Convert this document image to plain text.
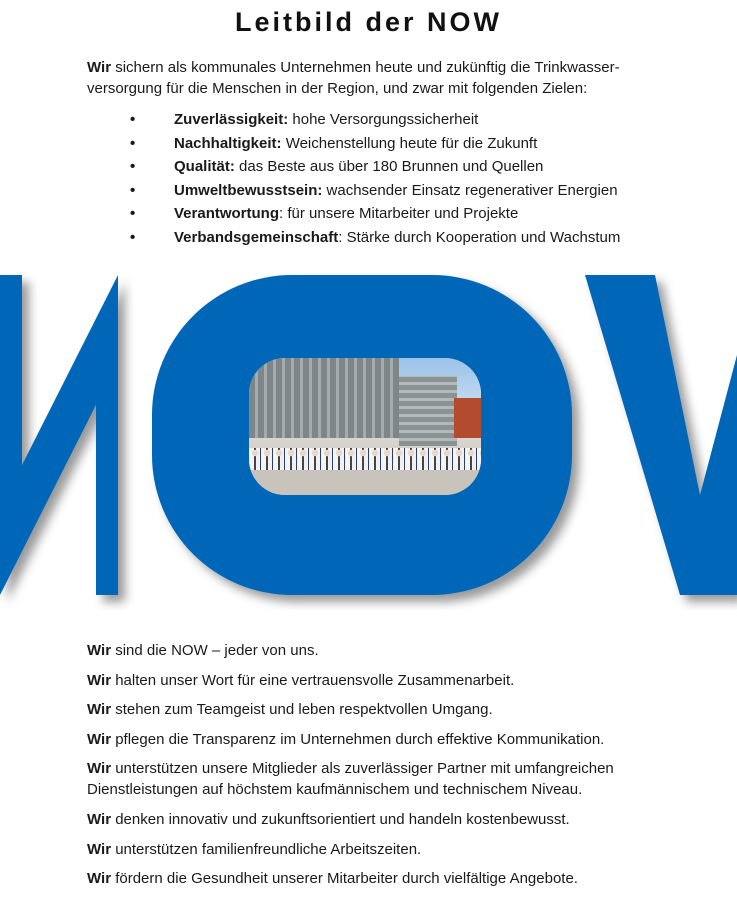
Leitbild der NOW

Wir sichern als kommunales Unternehmen heute und zukünftig die Trinkwasser-
versorgung für die Menschen in der Region, und zwar mit folgenden Zielen:

•	Zuverlässigkeit: hohe Versorgungssicherheit
•	Nachhaltigkeit: Weichenstellung heute für die Zukunft
•	Qualität: das Beste aus über 180 Brunnen und Quellen
•	Umweltbewusstsein: wachsender Einsatz regenerativer Energien
•	Verantwortung: für unsere Mitarbeiter und Projekte
•	Verbandsgemeinschaft: Stärke durch Kooperation und Wachstum

Wir sind die NOW – jeder von uns.

Wir halten unser Wort für eine vertrauensvolle Zusammenarbeit.

Wir stehen zum Teamgeist und leben respektvollen Umgang.

Wir pflegen die Transparenz im Unternehmen durch effektive Kommunikation.

Wir unterstützen unsere Mitglieder als zuverlässiger Partner mit umfangreichen Dienstleistungen auf höchstem kaufmännischem und technischem Niveau.

Wir denken innovativ und zukunftsorientiert und handeln kostenbewusst.

Wir unterstützen familienfreundliche Arbeitszeiten.

Wir fördern die Gesundheit unserer Mitarbeiter durch vielfältige Angebote.
